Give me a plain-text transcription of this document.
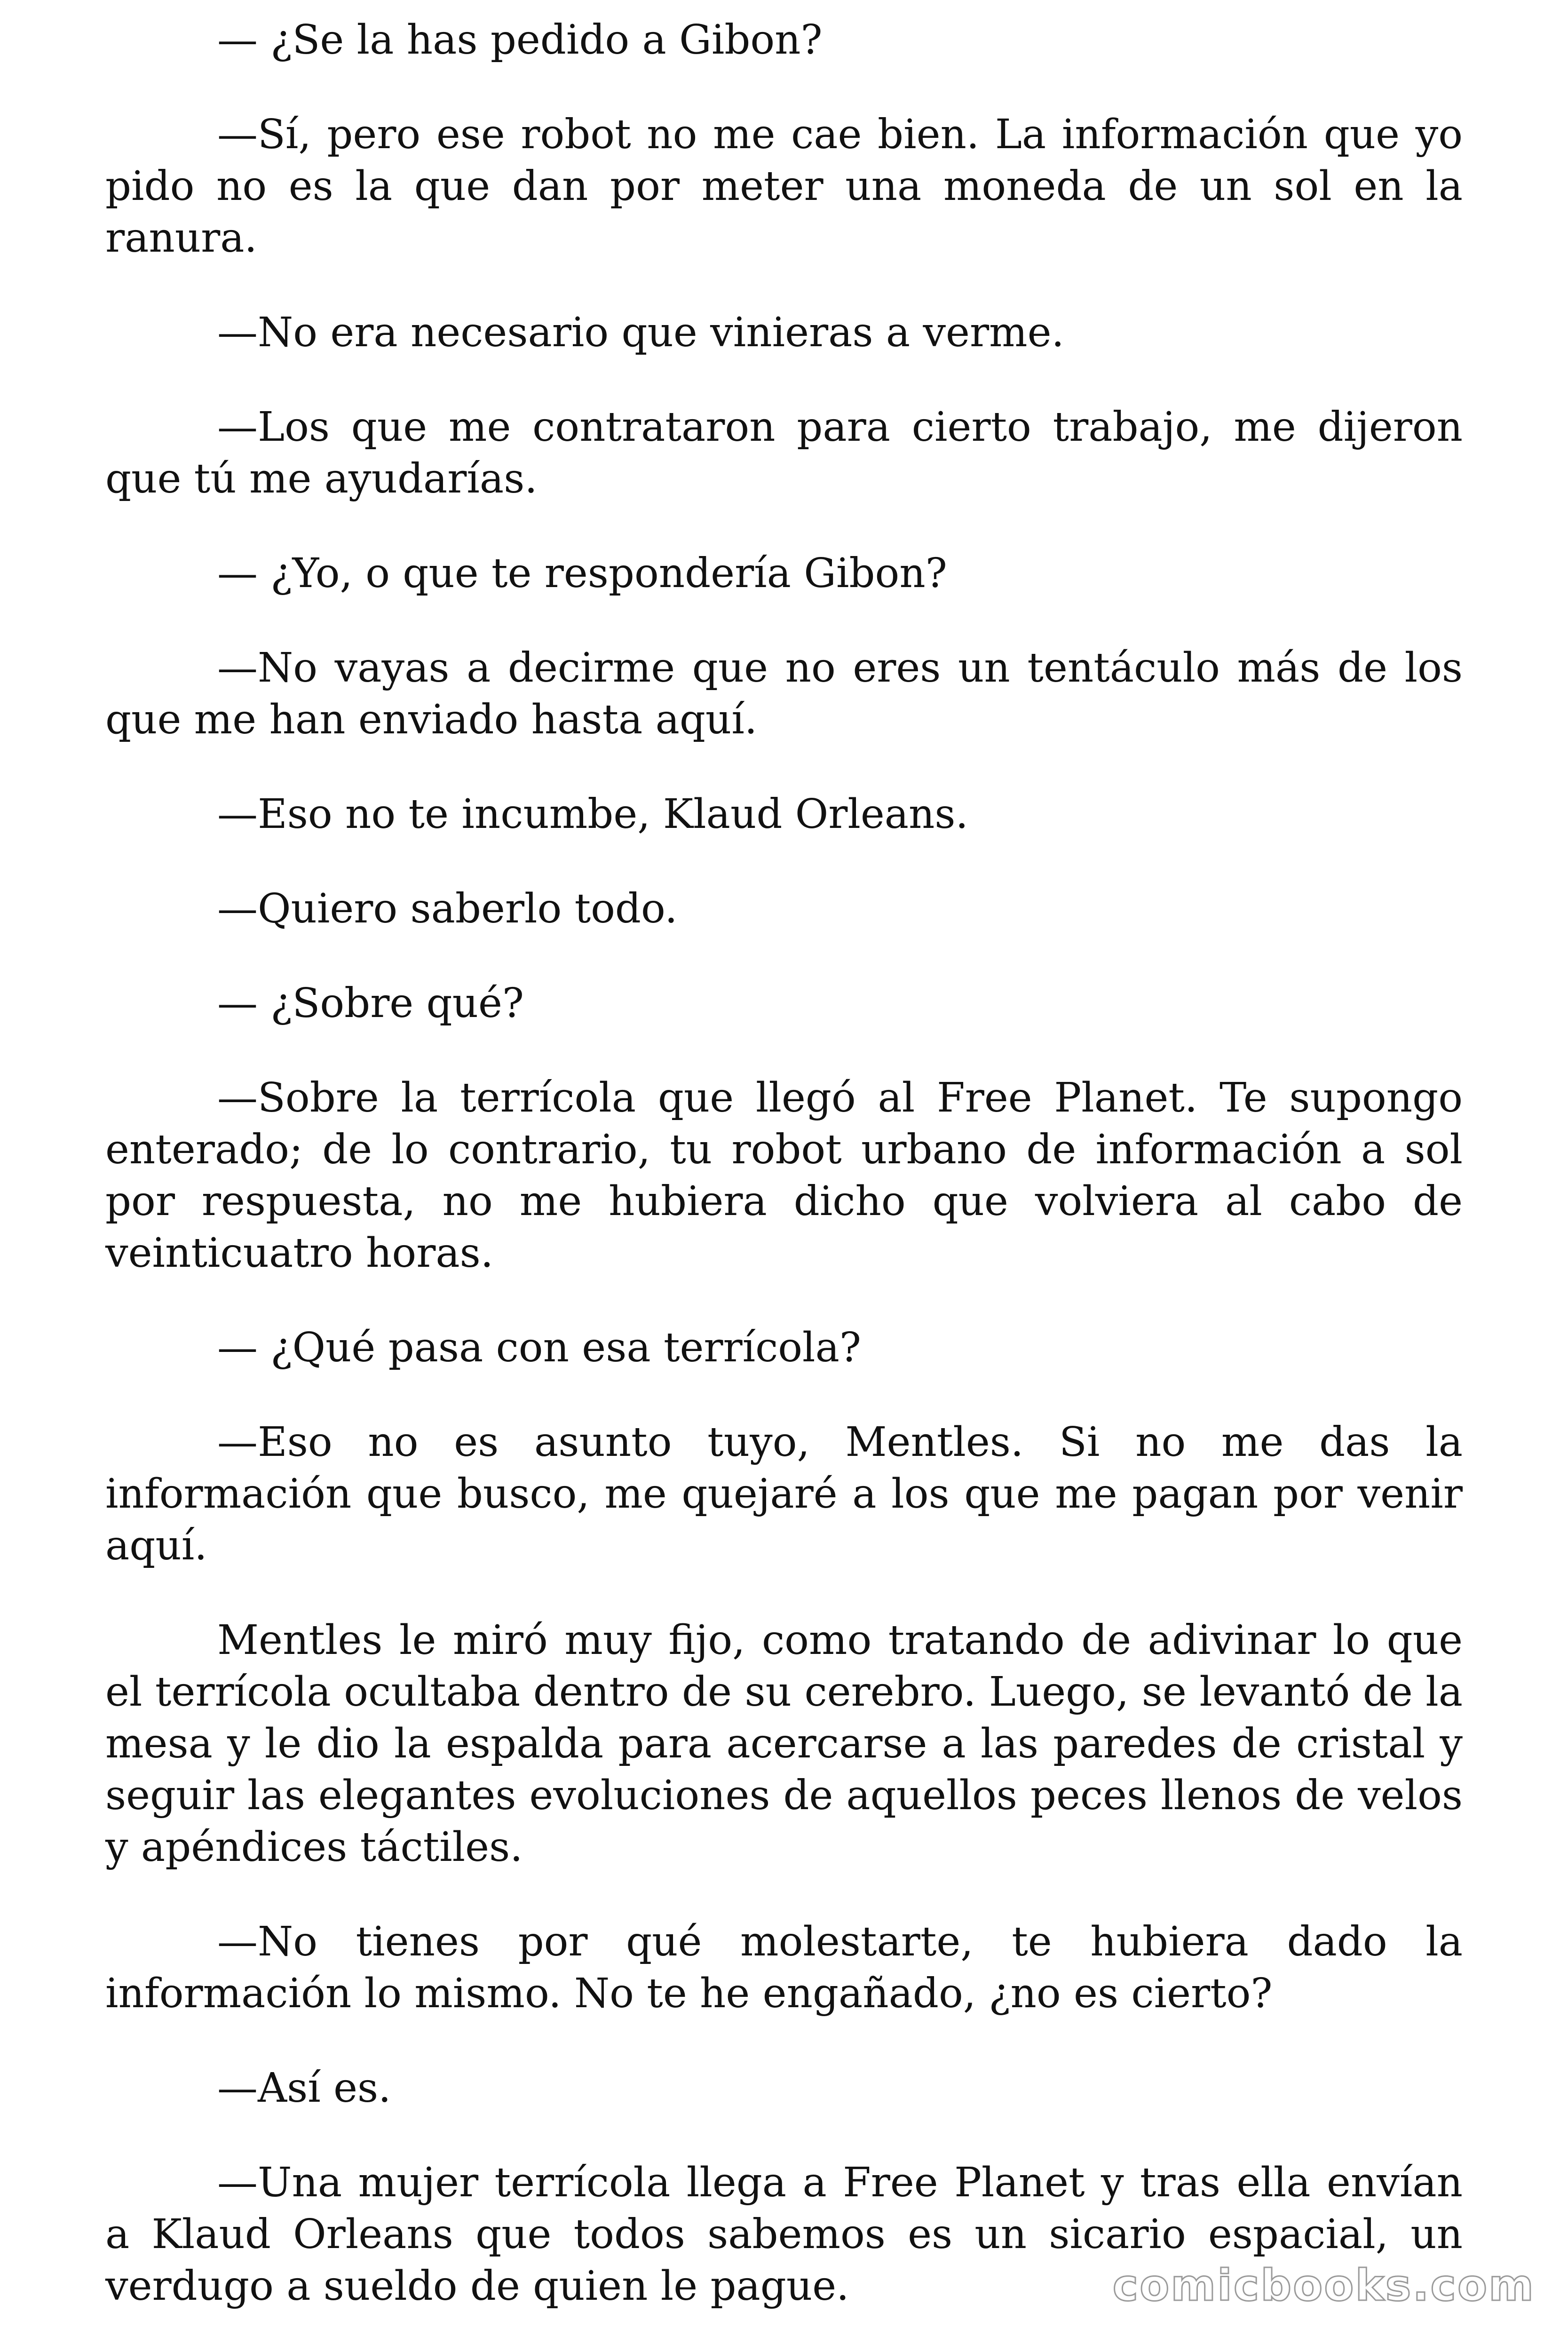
— ¿Se la has pedido a Gibon?

—Sí, pero ese robot no me cae bien. La información que yo pido no es la que dan por meter una moneda de un sol en la ranura.

—No era necesario que vinieras a verme.

—Los que me contrataron para cierto trabajo, me dijeron que tú me ayudarías.

— ¿Yo, o que te respondería Gibon?

—No vayas a decirme que no eres un tentáculo más de los que me han enviado hasta aquí.

—Eso no te incumbe, Klaud Orleans.

—Quiero saberlo todo.

— ¿Sobre qué?

—Sobre la terrícola que llegó al Free Planet. Te supongo enterado; de lo contrario, tu robot urbano de información a sol por respuesta, no me hubiera dicho que volviera al cabo de veinticuatro horas.

— ¿Qué pasa con esa terrícola?

—Eso no es asunto tuyo, Mentles. Si no me das la información que busco, me quejaré a los que me pagan por venir aquí.

Mentles le miró muy fijo, como tratando de adivinar lo que el terrícola ocultaba dentro de su cerebro. Luego, se levantó de la mesa y le dio la espalda para acercarse a las paredes de cristal y seguir las elegantes evoluciones de aquellos peces llenos de velos y apéndices táctiles.

—No tienes por qué molestarte, te hubiera dado la información lo mismo. No te he engañado, ¿no es cierto?

—Así es.

—Una mujer terrícola llega a Free Planet y tras ella envían a Klaud Orleans que todos sabemos es un sicario espacial, un verdugo a sueldo de quien le pague.	comicbooks.com
